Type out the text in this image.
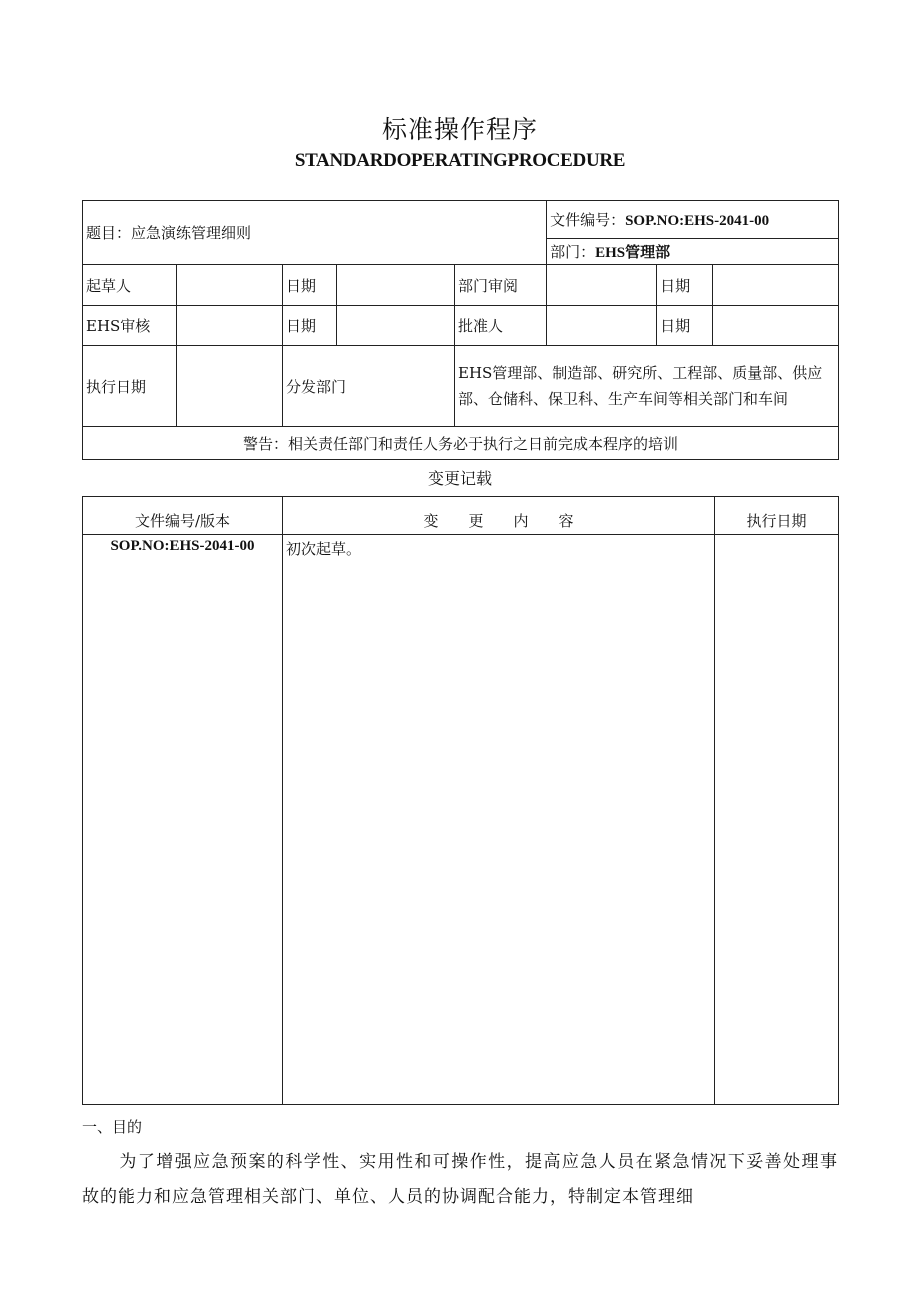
标准操作程序
STANDARDOPERATINGPROCEDURE
题目：应急演练管理细则					文件编号：SOP.NO:EHS-2041-00		
					部门：EHS管理部		
起草人		日期		部门审阅		日期	
EHS审核		日期		批准人		日期	
执行日期		分发部门		EHS管理部、制造部、研究所、工程部、质量部、供应部、仓储科、保卫科、生产车间等相关部门和车间			
警告：相关责任部门和责任人务必于执行之日前完成本程序的培训							
变更记载
文件编号/版本	变　　更　　内　　容	执行日期
SOP.NO:EHS-2041-00	初次起草。	
一、目的
为了增强应急预案的科学性、实用性和可操作性，提高应急人员在紧急情况下妥善处理事故的能力和应急管理相关部门、单位、人员的协调配合能力，特制定本管理细
